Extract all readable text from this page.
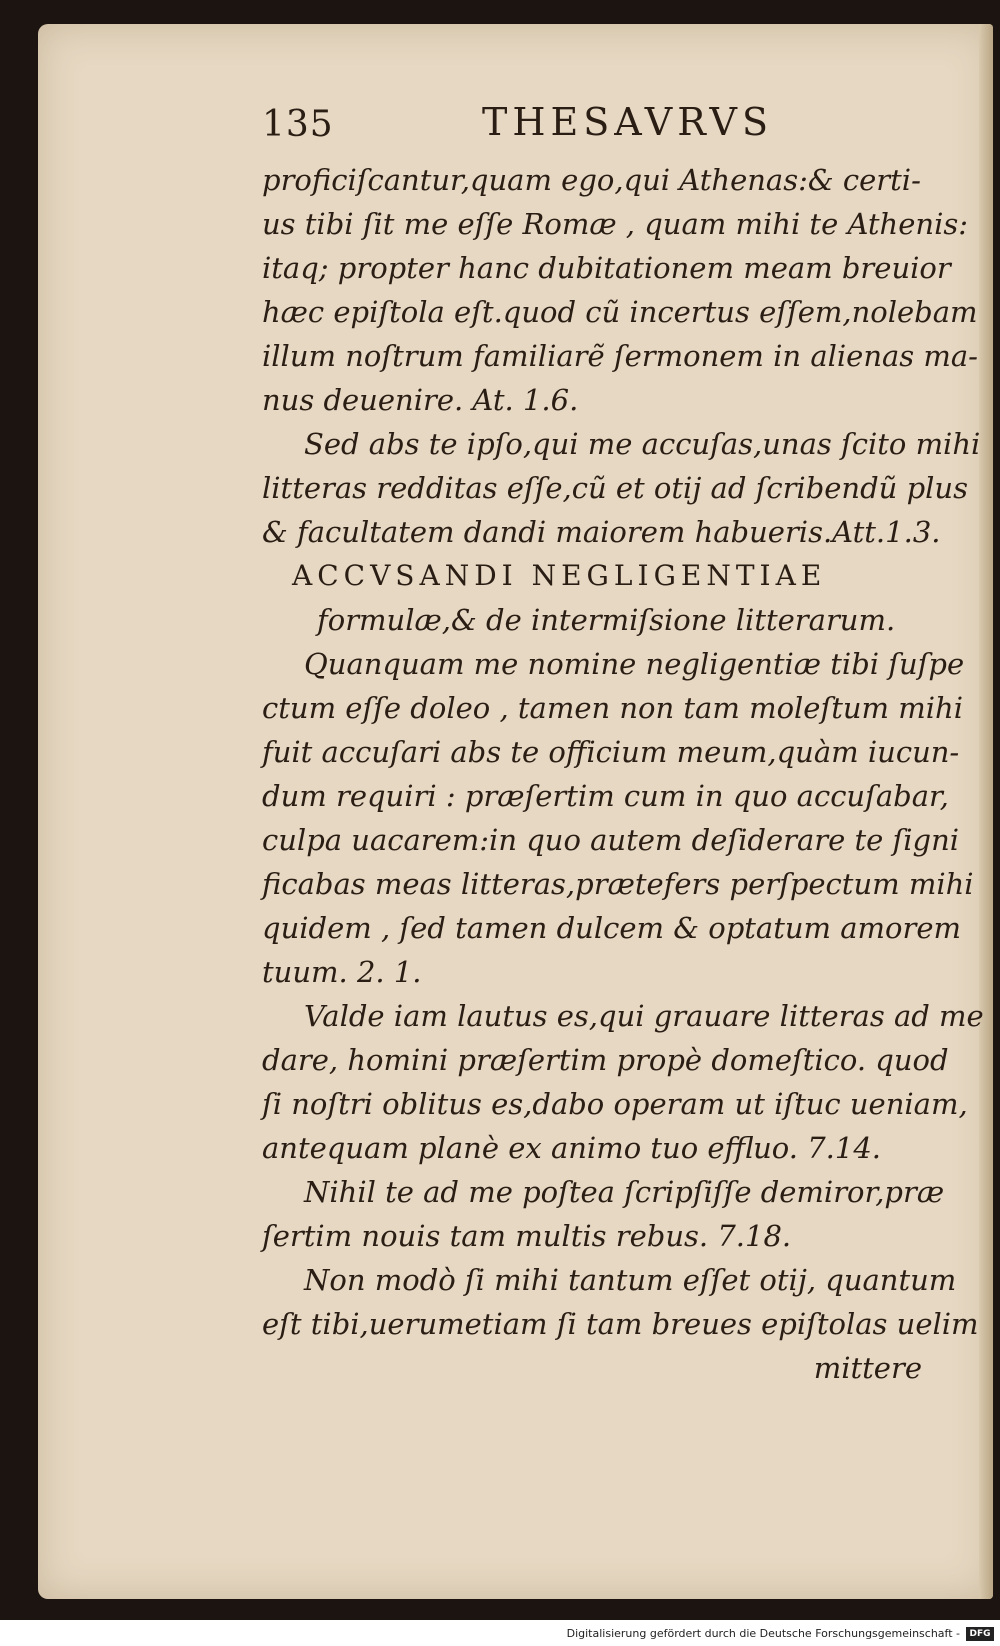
135	THESAVRVS
proficiſcantur,quam ego,qui Athenas:& certi-
us tibi ſit me eſſe Romæ , quam mihi te Athenis:
itaq; propter hanc dubitationem meam breuior
hæc epiſtola eſt.quod cũ incertus eſſem,nolebam
illum noſtrum familiarẽ ſermonem in alienas ma-
nus deuenire. At. 1.6.
Sed abs te ipſo,qui me accuſas,unas ſcito mihi
litteras redditas eſſe,cũ et otij ad ſcribendũ plus
& facultatem dandi maiorem habueris.Att.1.3.
ACCVSANDI NEGLIGENTIAE
formulæ,& de intermiſsione litterarum.
Quanquam me nomine negligentiæ tibi ſuſpe
ctum eſſe doleo , tamen non tam moleſtum mihi
fuit accuſari abs te officium meum,quàm iucun-
dum requiri : præſertim cum in quo accuſabar,
culpa uacarem:in quo autem deſiderare te ſigni
ficabas meas litteras,prætefers perſpectum mihi
quidem , ſed tamen dulcem & optatum amorem
tuum. 2. 1.
Valde iam lautus es,qui grauare litteras ad me
dare, homini præſertim propè domeſtico. quod
ſi noſtri oblitus es,dabo operam ut iſtuc ueniam,
antequam planè ex animo tuo effluo. 7.14.
Nihil te ad me poſtea ſcripſiſſe demiror,præ
ſertim nouis tam multis rebus. 7.18.
Non modò ſi mihi tantum eſſet otij, quantum
eſt tibi,uerumetiam ſi tam breues epiſtolas uelim
mittere
Digitalisierung gefördert durch die Deutsche Forschungsgemeinschaft -	DFG
